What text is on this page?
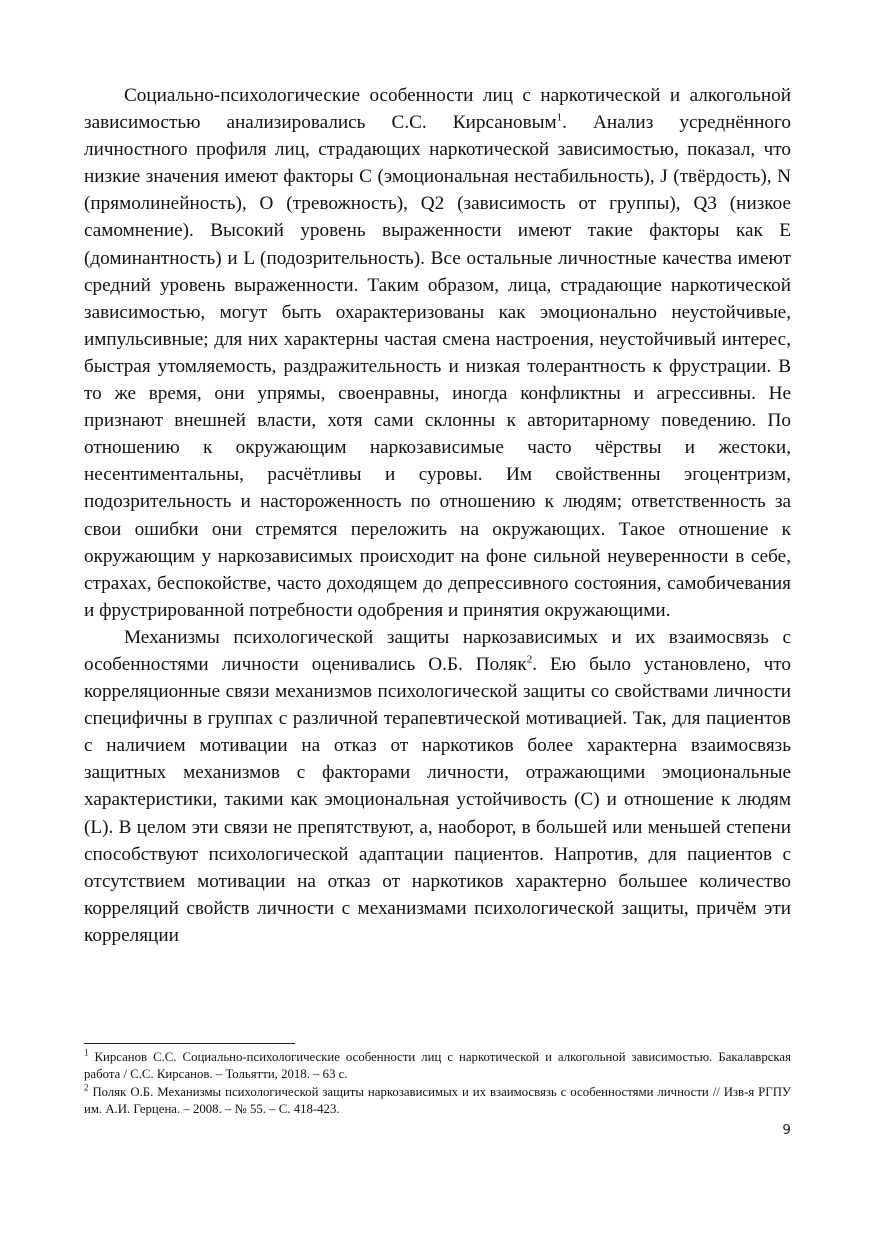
Социально-психологические особенности лиц с наркотической и алкогольной зависимостью анализировались С.С. Кирсановым$^1$. Анализ усреднённого личностного профиля лиц, страдающих наркотической зависимостью, показал, что низкие значения имеют факторы С (эмоциональная нестабильность), J (твёрдость), N (прямолинейность), О (тревожность), Q2 (зависимость от группы), Q3 (низкое самомнение). Высокий уровень выраженности имеют такие факторы как Е (доминантность) и L (подозрительность). Все остальные личностные качества имеют средний уровень выраженности. Таким образом, лица, страдающие наркотической зависимостью, могут быть охарактеризованы как эмоционально неустойчивые, импульсивные; для них характерны частая смена настроения, неустойчивый интерес, быстрая утомляемость, раздражительность и низкая толерантность к фрустрации. В то же время, они упрямы, своенравны, иногда конфликтны и агрессивны. Не признают внешней власти, хотя сами склонны к авторитарному поведению. По отношению к окружающим наркозависимые часто чёрствы и жестоки, несентиментальны, расчётливы и суровы. Им свойственны эгоцентризм, подозрительность и настороженность по отношению к людям; ответственность за свои ошибки они стремятся переложить на окружающих. Такое отношение к окружающим у наркозависимых происходит на фоне сильной неуверенности в себе, страхах, беспокойстве, часто доходящем до депрессивного состояния, самобичевания и фрустрированной потребности одобрения и принятия окружающими.

Механизмы психологической защиты наркозависимых и их взаимосвязь с особенностями личности оценивались О.Б. Поляк$^2$. Ею было установлено, что корреляционные связи механизмов психологической защиты со свойствами личности специфичны в группах с различной терапевтической мотивацией. Так, для пациентов с наличием мотивации на отказ от наркотиков более характерна взаимосвязь защитных механизмов с факторами личности, отражающими эмоциональные характеристики, такими как эмоциональная устойчивость (С) и отношение к людям (L). В целом эти связи не препятствуют, а, наоборот, в большей или меньшей степени способствуют психологической адаптации пациентов. Напротив, для пациентов с отсутствием мотивации на отказ от наркотиков характерно большее количество корреляций свойств личности с механизмами психологической защиты, причём эти корреляции

$^1$ Кирсанов С.С. Социально-психологические особенности лиц с наркотической и алкогольной зависимостью. Бакалаврская работа / С.С. Кирсанов. – Тольятти, 2018. – 63 с.

$^2$ Поляк О.Б. Механизмы психологической защиты наркозависимых и их взаимосвязь с особенностями личности // Изв-я РГПУ им. А.И. Герцена. – 2008. – № 55. – С. 418-423.

9
